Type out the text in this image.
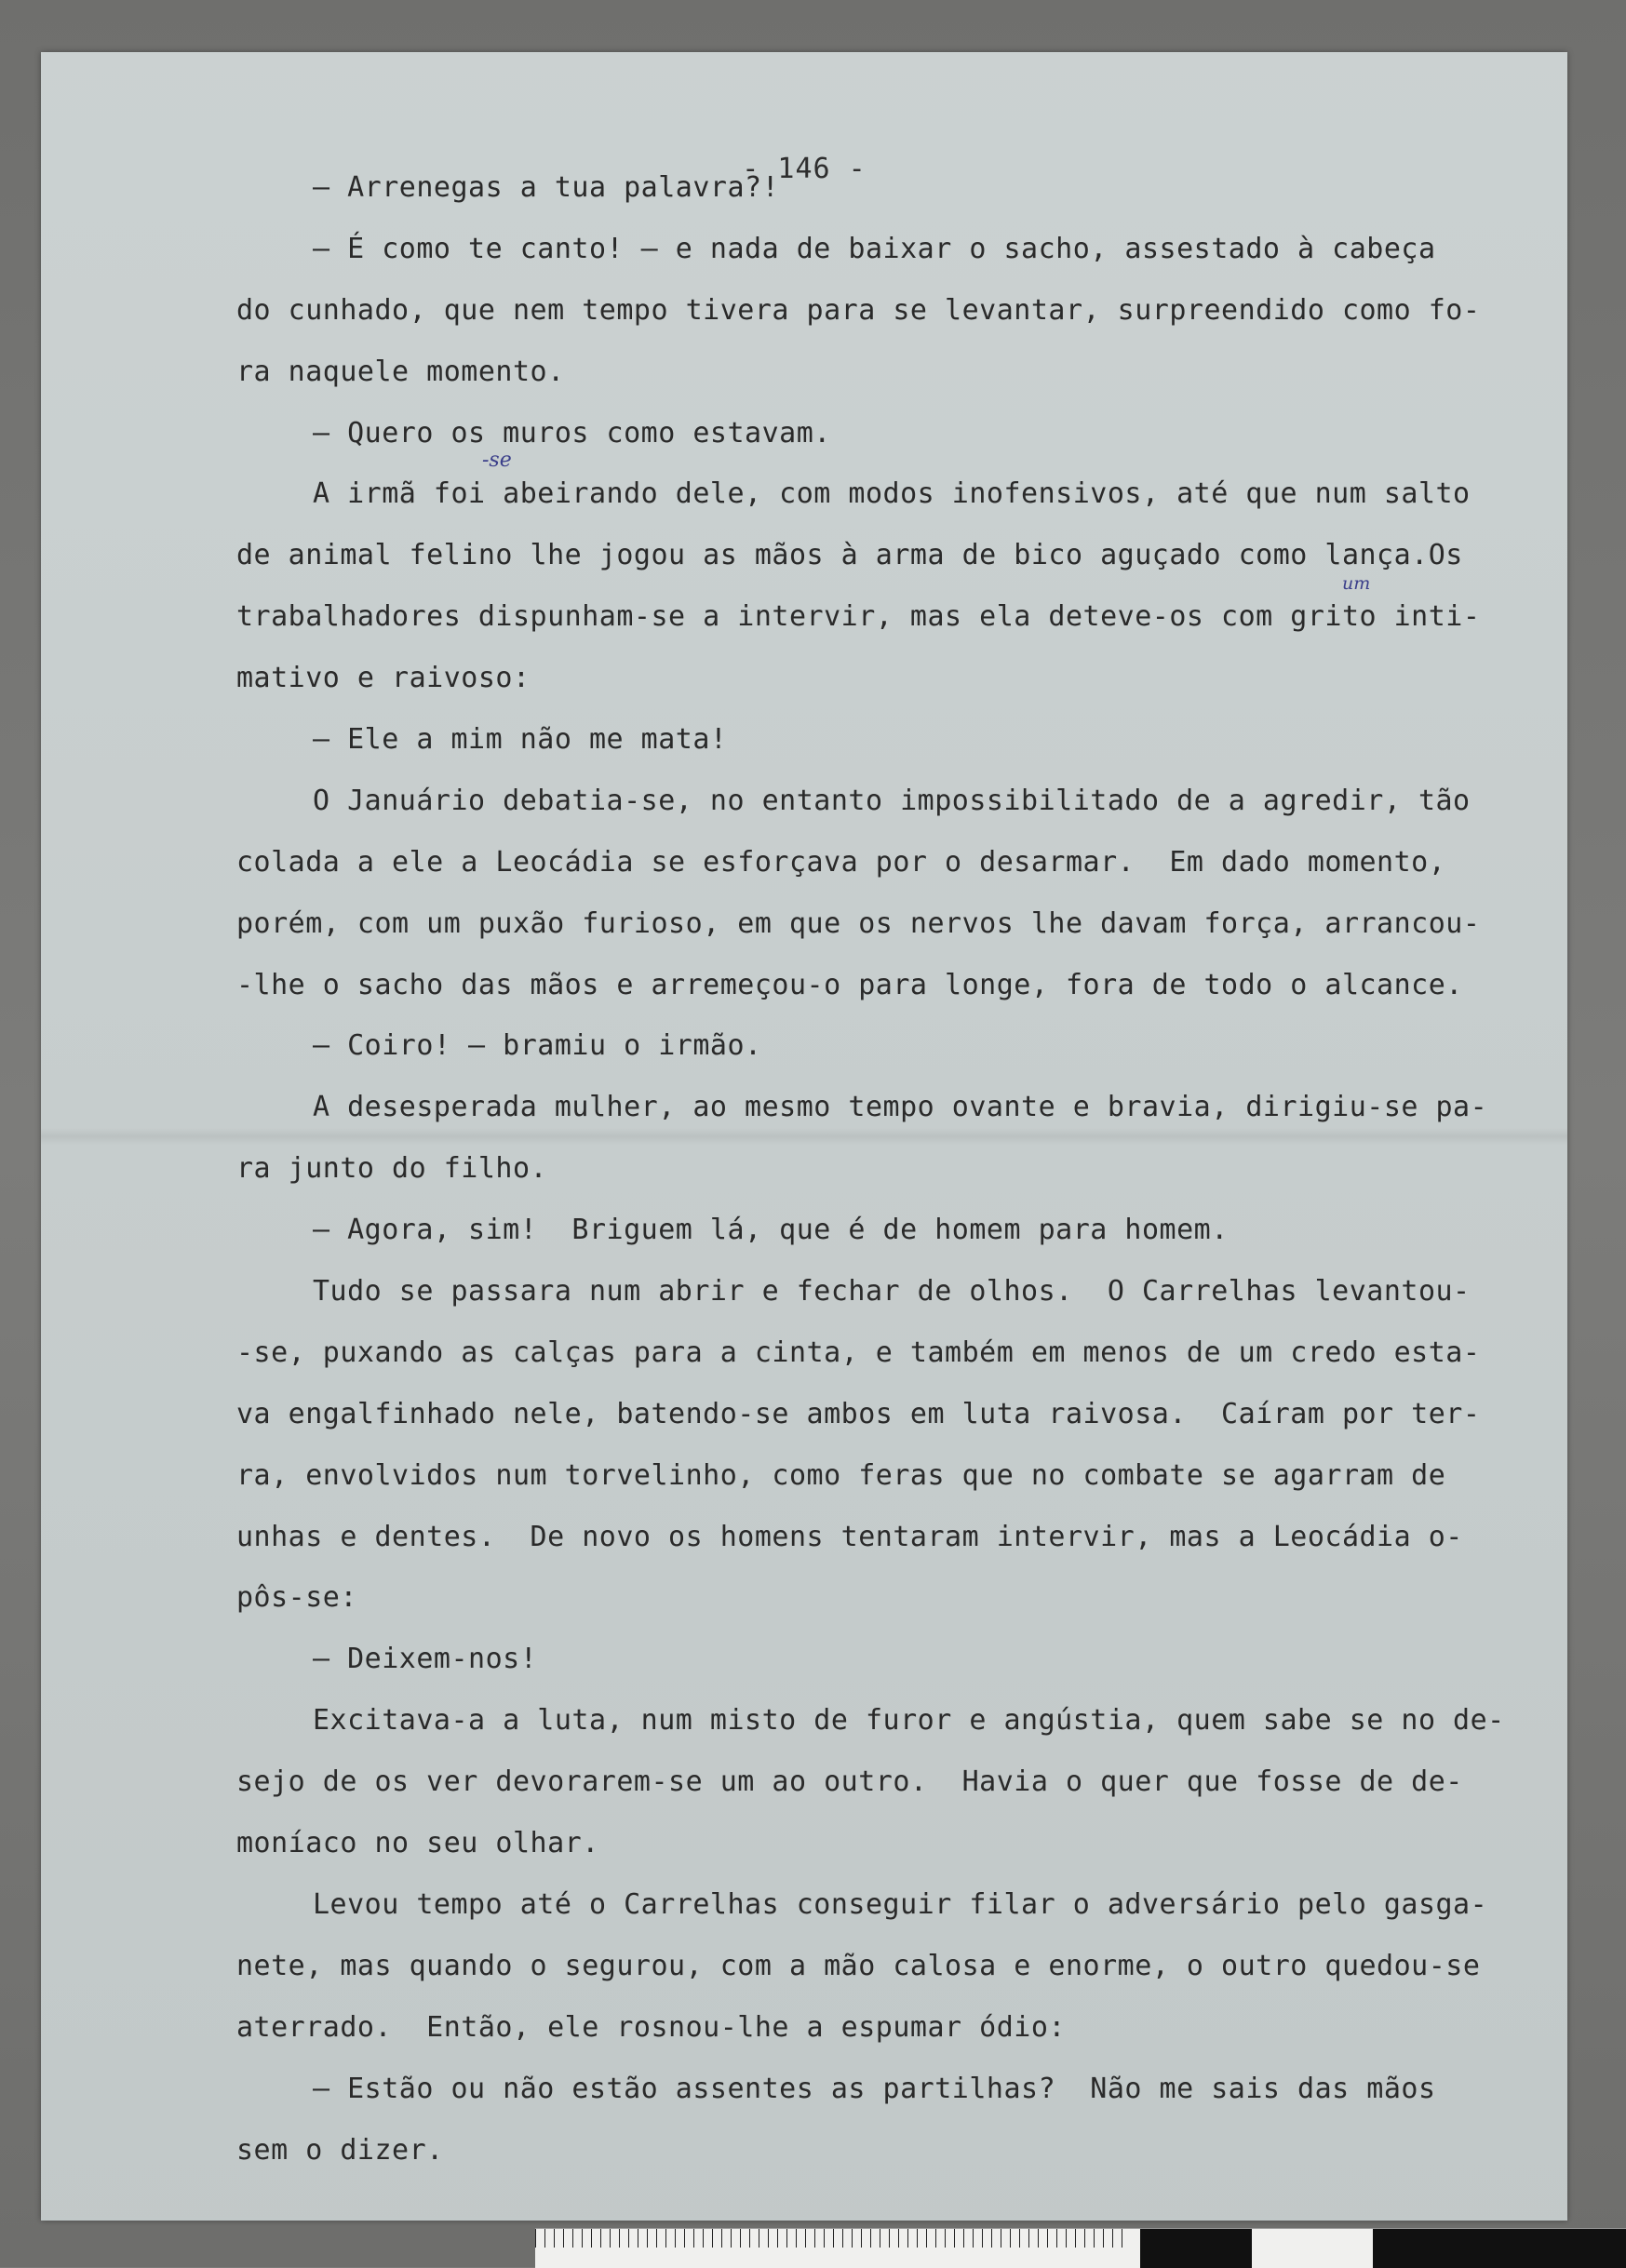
- 146 -
-se
um
— Arrenegas a tua palavra?!
— É como te canto! — e nada de baixar o sacho, assestado à cabeça
do cunhado, que nem tempo tivera para se levantar, surpreendido como fo-
ra naquele momento.
— Quero os muros como estavam.
A irmã foi abeirando dele, com modos inofensivos, até que num salto
de animal felino lhe jogou as mãos à arma de bico aguçado como lança.Os
trabalhadores dispunham-se a intervir, mas ela deteve-os com grito inti-
mativo e raivoso:
— Ele a mim não me mata!
O Januário debatia-se, no entanto impossibilitado de a agredir, tão
colada a ele a Leocádia se esforçava por o desarmar.  Em dado momento,
porém, com um puxão furioso, em que os nervos lhe davam força, arrancou-
-lhe o sacho das mãos e arremeçou-o para longe, fora de todo o alcance.
— Coiro! — bramiu o irmão.
A desesperada mulher, ao mesmo tempo ovante e bravia, dirigiu-se pa-
ra junto do filho.
— Agora, sim!  Briguem lá, que é de homem para homem.
Tudo se passara num abrir e fechar de olhos.  O Carrelhas levantou-
-se, puxando as calças para a cinta, e também em menos de um credo esta-
va engalfinhado nele, batendo-se ambos em luta raivosa.  Caíram por ter-
ra, envolvidos num torvelinho, como feras que no combate se agarram de
unhas e dentes.  De novo os homens tentaram intervir, mas a Leocádia o-
pôs-se:
— Deixem-nos!
Excitava-a a luta, num misto de furor e angústia, quem sabe se no de-
sejo de os ver devorarem-se um ao outro.  Havia o quer que fosse de de-
moníaco no seu olhar.
Levou tempo até o Carrelhas conseguir filar o adversário pelo gasga-
nete, mas quando o segurou, com a mão calosa e enorme, o outro quedou-se
aterrado.  Então, ele rosnou-lhe a espumar ódio:
— Estão ou não estão assentes as partilhas?  Não me sais das mãos
sem o dizer.
